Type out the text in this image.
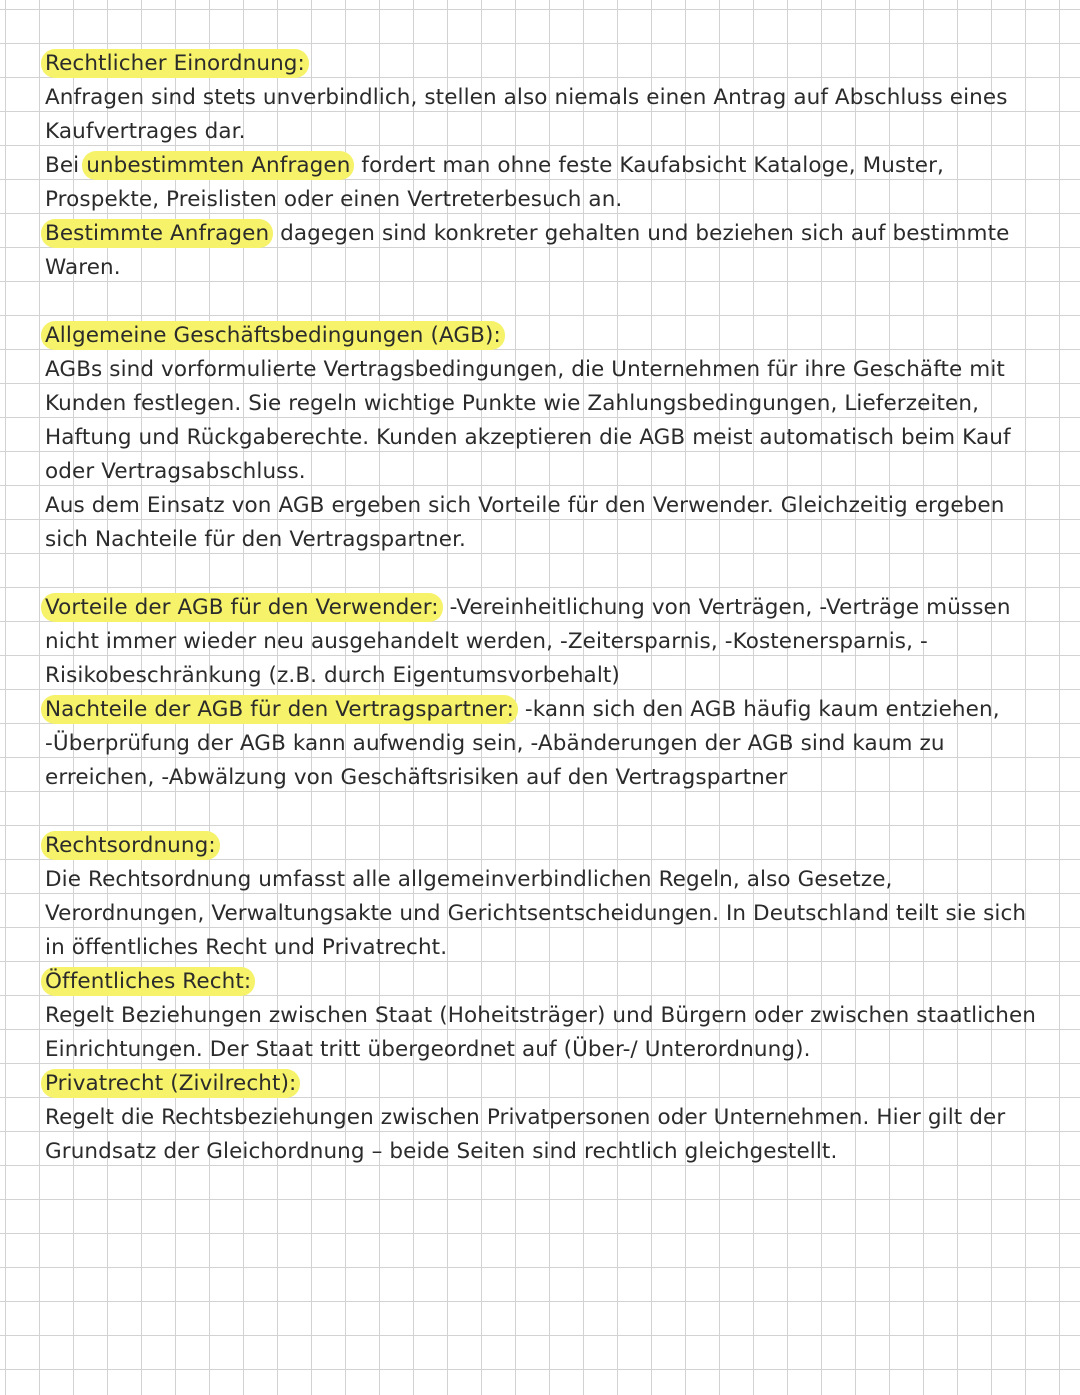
Rechtlicher Einordnung:

Anfragen sind stets unverbindlich, stellen also niemals einen Antrag auf Abschluss eines Kaufvertrages dar.

Bei unbestimmten Anfragen fordert man ohne feste Kaufabsicht Kataloge, Muster, Prospekte, Preislisten oder einen Vertreterbesuch an.

Bestimmte Anfragen dagegen sind konkreter gehalten und beziehen sich auf bestimmte Waren.

Allgemeine Geschäftsbedingungen (AGB):

AGBs sind vorformulierte Vertragsbedingungen, die Unternehmen für ihre Geschäfte mit Kunden festlegen. Sie regeln wichtige Punkte wie Zahlungsbedingungen, Lieferzeiten, Haftung und Rückgaberechte. Kunden akzeptieren die AGB meist automatisch beim Kauf oder Vertragsabschluss.

Aus dem Einsatz von AGB ergeben sich Vorteile für den Verwender. Gleichzeitig ergeben sich Nachteile für den Vertragspartner.

Vorteile der AGB für den Verwender: -Vereinheitlichung von Verträgen, -Verträge müssen nicht immer wieder neu ausgehandelt werden, -Zeitersparnis, -Kostenersparnis, -Risikobeschränkung (z.B. durch Eigentumsvorbehalt)

Nachteile der AGB für den Vertragspartner: -kann sich den AGB häufig kaum entziehen, -Überprüfung der AGB kann aufwendig sein, -Abänderungen der AGB sind kaum zu erreichen, -Abwälzung von Geschäftsrisiken auf den Vertragspartner

Rechtsordnung:

Die Rechtsordnung umfasst alle allgemeinverbindlichen Regeln, also Gesetze, Verordnungen, Verwaltungsakte und Gerichtsentscheidungen. In Deutschland teilt sie sich in öffentliches Recht und Privatrecht.

Öffentliches Recht:

Regelt Beziehungen zwischen Staat (Hoheitsträger) und Bürgern oder zwischen staatlichen Einrichtungen. Der Staat tritt übergeordnet auf (Über-/ Unterordnung).

Privatrecht (Zivilrecht):

Regelt die Rechtsbeziehungen zwischen Privatpersonen oder Unternehmen. Hier gilt der Grundsatz der Gleichordnung – beide Seiten sind rechtlich gleichgestellt.
